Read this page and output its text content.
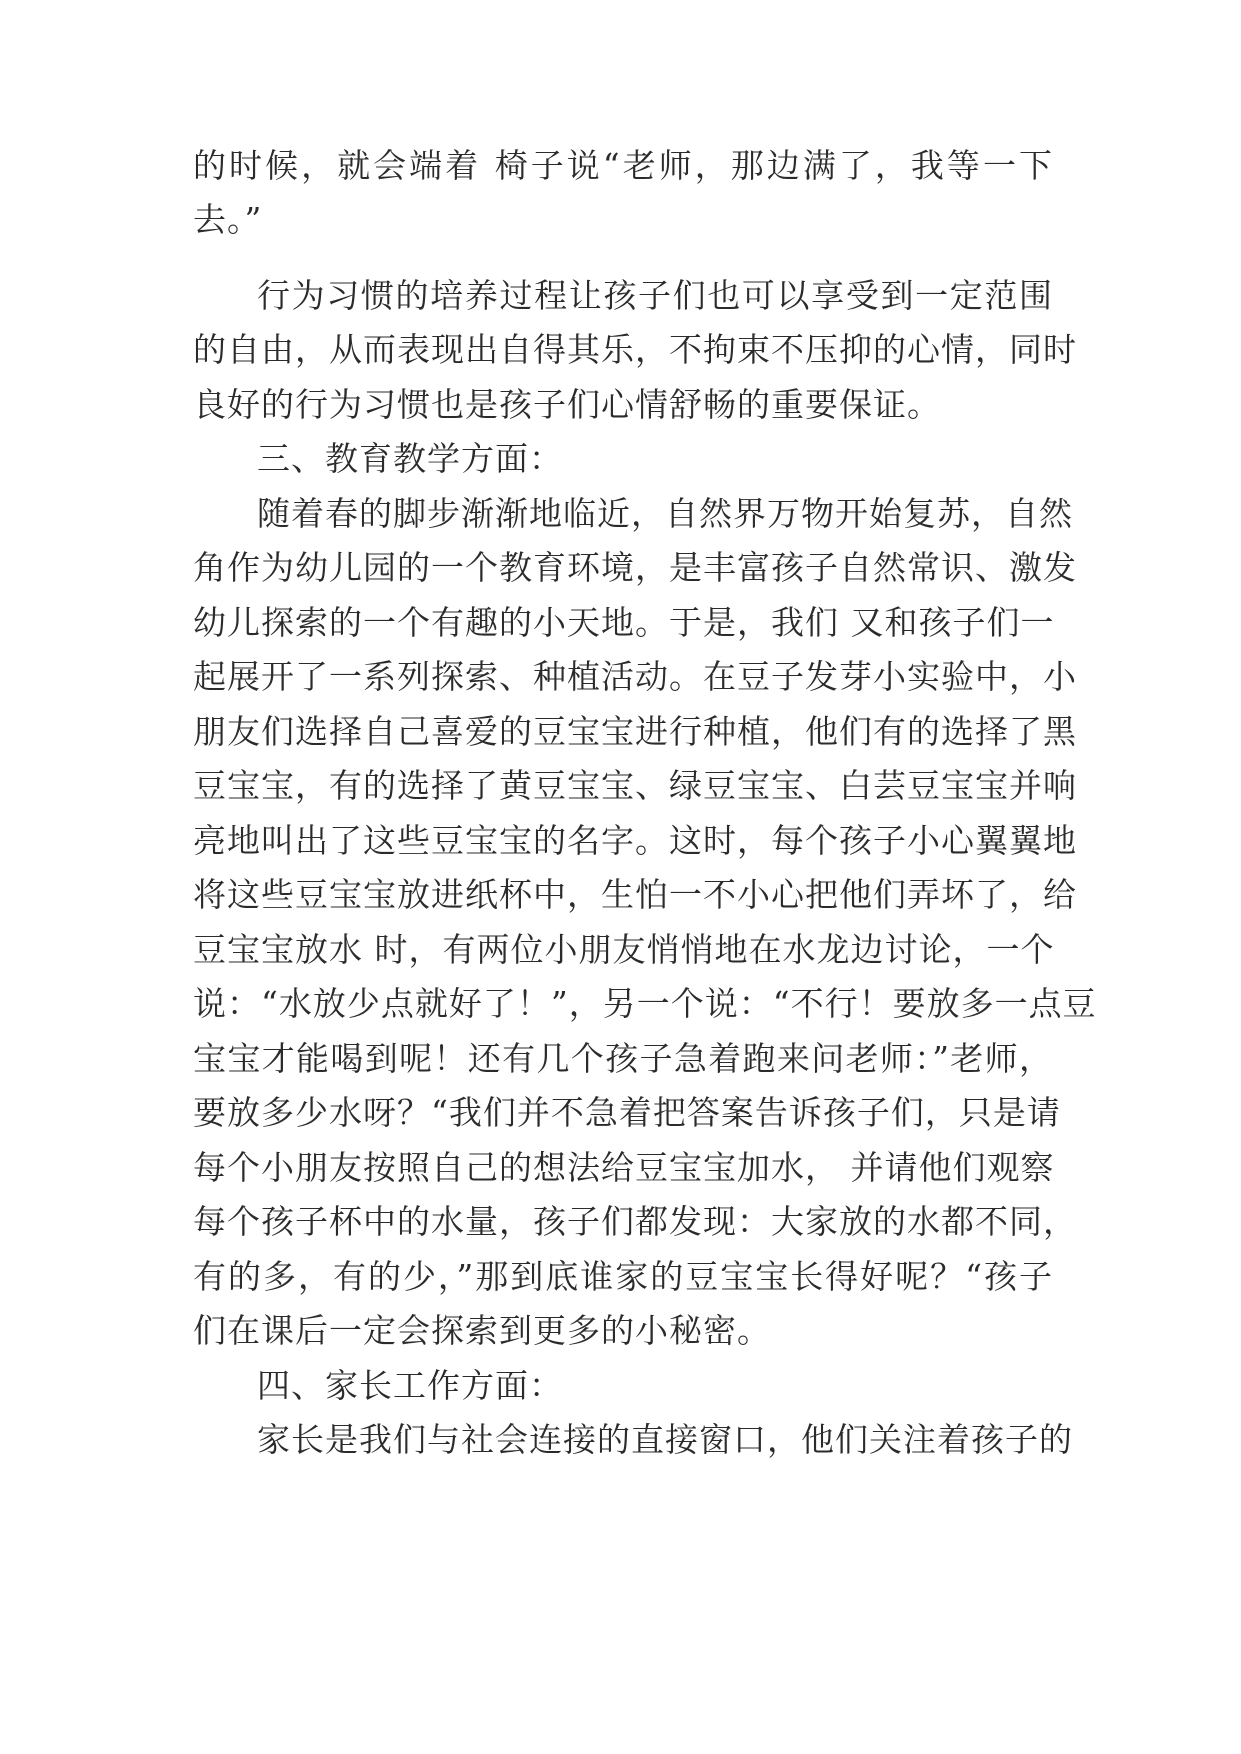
的时候，就会端着 椅子说“老师，那边满了，我等一下
去。”
行为习惯的培养过程让孩子们也可以享受到一定范围
的自由，从而表现出自得其乐，不拘束不压抑的心情，同时
良好的行为习惯也是孩子们心情舒畅的重要保证。
三、教育教学方面：
随着春的脚步渐渐地临近，自然界万物开始复苏，自然
角作为幼儿园的一个教育环境，是丰富孩子自然常识、激发
幼儿探索的一个有趣的小天地。于是，我们 又和孩子们一
起展开了一系列探索、种植活动。在豆子发芽小实验中，小
朋友们选择自己喜爱的豆宝宝进行种植，他们有的选择了黑
豆宝宝，有的选择了黄豆宝宝、绿豆宝宝、白芸豆宝宝并响
亮地叫出了这些豆宝宝的名字。这时，每个孩子小心翼翼地
将这些豆宝宝放进纸杯中，生怕一不小心把他们弄坏了，给
豆宝宝放水 时，有两位小朋友悄悄地在水龙边讨论，一个
说：“水放少点就好了！”，另一个说：“不行！要放多一点豆
宝宝才能喝到呢！还有几个孩子急着跑来问老师：”老师，
要放多少水呀？“我们并不急着把答案告诉孩子们，只是请
每个小朋友按照自己的想法给豆宝宝加水， 并请他们观察
每个孩子杯中的水量，孩子们都发现：大家放的水都不同，
有的多，有的少，”那到底谁家的豆宝宝长得好呢？“孩子
们在课后一定会探索到更多的小秘密。
四、家长工作方面：
家长是我们与社会连接的直接窗口，他们关注着孩子的
